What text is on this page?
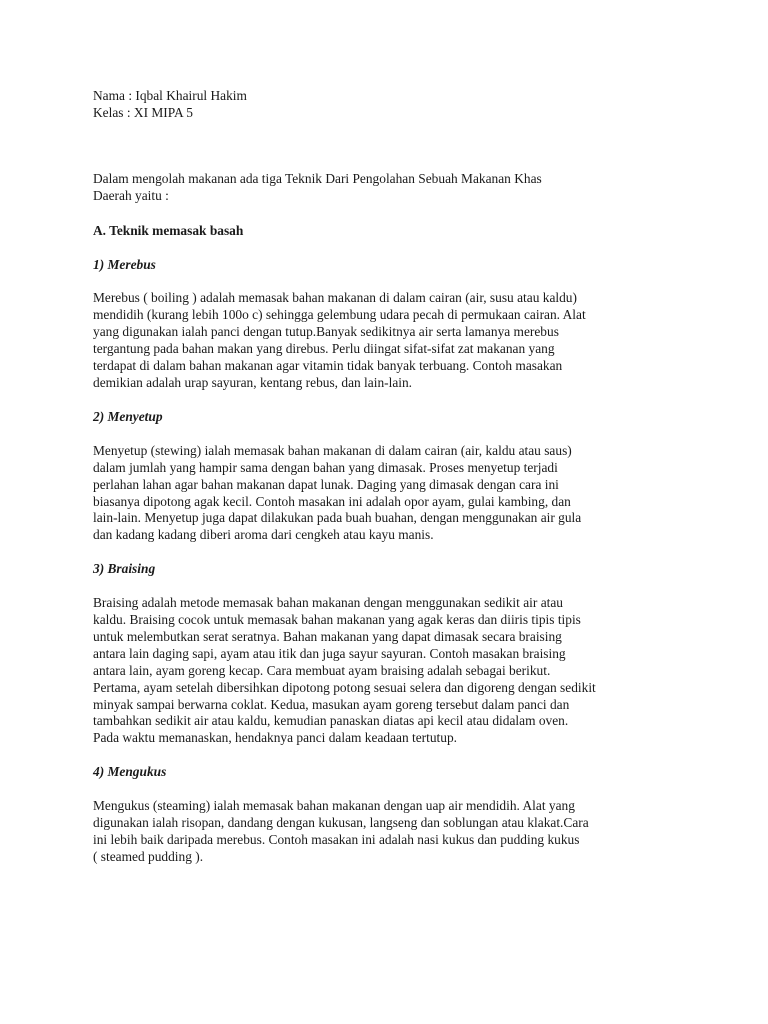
Nama : Iqbal Khairul Hakim
Kelas : XI MIPA 5
Dalam mengolah makanan ada tiga Teknik Dari Pengolahan Sebuah Makanan Khas
Daerah yaitu :
A. Teknik memasak basah
1) Merebus
Merebus ( boiling ) adalah memasak bahan makanan di dalam cairan (air, susu atau kaldu)
mendidih (kurang lebih 100o c) sehingga gelembung udara pecah di permukaan cairan. Alat
yang digunakan ialah panci dengan tutup.Banyak sedikitnya air serta lamanya merebus
tergantung pada bahan makan yang direbus. Perlu diingat sifat-sifat zat makanan yang
terdapat di dalam bahan makanan agar vitamin tidak banyak terbuang. Contoh masakan
demikian adalah urap sayuran, kentang rebus, dan lain-lain.
2) Menyetup
Menyetup (stewing) ialah memasak bahan makanan di dalam cairan (air, kaldu atau saus)
dalam jumlah yang hampir sama dengan bahan yang dimasak. Proses menyetup terjadi
perlahan lahan agar bahan makanan dapat lunak. Daging yang dimasak dengan cara ini
biasanya dipotong agak kecil. Contoh masakan ini adalah opor ayam, gulai kambing, dan
lain-lain. Menyetup juga dapat dilakukan pada buah buahan, dengan menggunakan air gula
dan kadang kadang diberi aroma dari cengkeh atau kayu manis.
3) Braising
Braising adalah metode memasak bahan makanan dengan menggunakan sedikit air atau
kaldu. Braising cocok untuk memasak bahan makanan yang agak keras dan diiris tipis tipis
untuk melembutkan serat seratnya. Bahan makanan yang dapat dimasak secara braising
antara lain daging sapi, ayam atau itik dan juga sayur sayuran. Contoh masakan braising
antara lain, ayam goreng kecap. Cara membuat ayam braising adalah sebagai berikut.
Pertama, ayam setelah dibersihkan dipotong potong sesuai selera dan digoreng dengan sedikit
minyak sampai berwarna coklat. Kedua, masukan ayam goreng tersebut dalam panci dan
tambahkan sedikit air atau kaldu, kemudian panaskan diatas api kecil atau didalam oven.
Pada waktu memanaskan, hendaknya panci dalam keadaan tertutup.
4) Mengukus
Mengukus (steaming) ialah memasak bahan makanan dengan uap air mendidih. Alat yang
digunakan ialah risopan, dandang dengan kukusan, langseng dan soblungan atau klakat.Cara
ini lebih baik daripada merebus. Contoh masakan ini adalah nasi kukus dan pudding kukus
( steamed pudding ).
